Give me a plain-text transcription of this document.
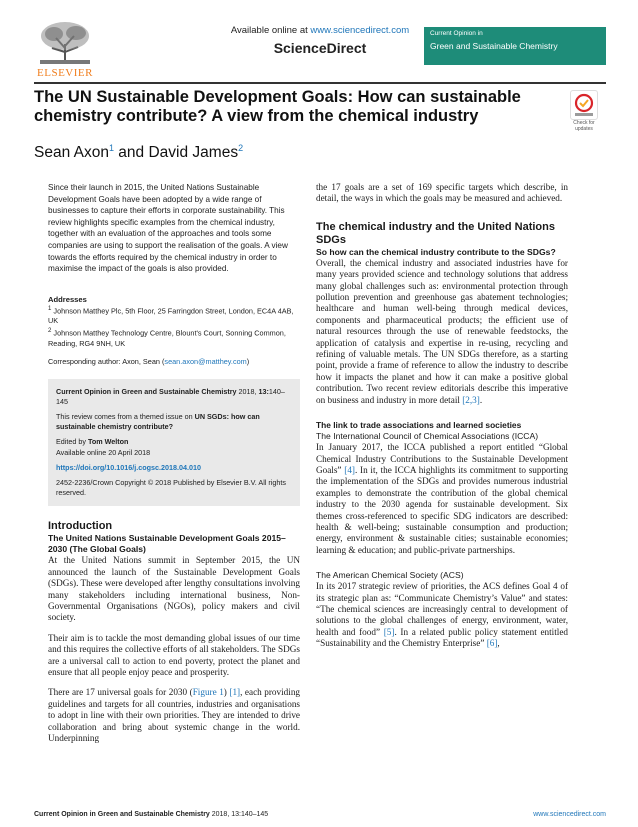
ELSEVIER
Available online at www.sciencedirect.com
ScienceDirect
Current Opinion in
Green and Sustainable Chemistry
The UN Sustainable Development Goals: How can sustainable chemistry contribute? A view from the chemical industry	Check for updates
Sean Axon$^1$ and David James$^2$

Since their launch in 2015, the United Nations Sustainable Development Goals have been adopted by a wide range of businesses to capture their efforts in corporate sustainability. This review highlights specific examples from the chemical industry, together with an evaluation of the approaches and tools some companies are using to support the realisation of the goals. A view towards the efforts required by the chemical industry in order to maximise the impact of the goals is also provided.

Addresses

$^1$ Johnson Matthey Plc, 5th Floor, 25 Farringdon Street, London, EC4A 4AB, UK

$^2$ Johnson Matthey Technology Centre, Blount's Court, Sonning Common, Reading, RG4 9NH, UK

Corresponding author: Axon, Sean (sean.axon@matthey.com)

Current Opinion in Green and Sustainable Chemistry 2018, 13:140–145

This review comes from a themed issue on UN SGDs: how can sustainable chemistry contribute?

Edited by Tom Welton

Available online 20 April 2018

https://doi.org/10.1016/j.cogsc.2018.04.010

2452-2236/Crown Copyright © 2018 Published by Elsevier B.V. All rights reserved.

Introduction
The United Nations Sustainable Development Goals 2015–2030 (The Global Goals)

At the United Nations summit in September 2015, the UN announced the launch of the Sustainable Development Goals (SDGs). These were developed after lengthy consultations involving many stakeholders including international business, Non-Governmental Organisations (NGOs), policy makers and civil society.

Their aim is to tackle the most demanding global issues of our time and this requires the collective efforts of all stakeholders. The SDGs are a universal call to action to end poverty, protect the planet and ensure that all people enjoy peace and prosperity.

There are 17 universal goals for 2030 (Figure 1) [1], each providing guidelines and targets for all countries, industries and organisations to adopt in line with their own priorities. They are intended to drive collaboration and bring about systemic change in the world. Underpinning

the 17 goals are a set of 169 specific targets which describe, in detail, the ways in which the goals may be measured and achieved.

The chemical industry and the United Nations SDGs
So how can the chemical industry contribute to the SDGs?

Overall, the chemical industry and associated industries have for many years provided science and technology solutions that address many global challenges such as: environmental protection through pollution prevention and greenhouse gas abatement technologies; healthcare and human well-being through medical devices, components and pharmaceutical products; the efficient use of natural resources through the use of renewable feedstocks, the application of catalysis and expertise in re-using, recycling and refining of valuable metals. The UN SDGs therefore, as a starting point, provide a frame of reference to allow the industry to describe how it impacts the planet and how it can make a positive global contribution. Two recent review editorials describe this imperative on business and industry in more detail [2,3].

The link to trade associations and learned societies
The International Council of Chemical Associations (ICCA)

In January 2017, the ICCA published a report entitled “Global Chemical Industry Contributions to the Sustainable Development Goals” [4]. In it, the ICCA highlights its commitment to supporting the implementation of the SDGs and provides numerous industrial examples to demonstrate the contribution of the global chemical industry to the 2030 agenda for sustainable development. Six themes cross-referenced to specific SDG indicators are described: health & well-being; sustainable consumption and production; energy, environment & sustainable cities; sustainable economies; learning & education; and public-private partnerships.

The American Chemical Society (ACS)

In its 2017 strategic review of priorities, the ACS defines Goal 4 of its strategic plan as: “Communicate Chemistry’s Value” and states: “The chemical sciences are increasingly central to development of solutions to the global challenges of energy, environment, water, health and food” [5]. In a related public policy statement entitled “Sustainability and the Chemistry Enterprise” [6],

Current Opinion in Green and Sustainable Chemistry 2018, 13:140–145	www.sciencedirect.com
